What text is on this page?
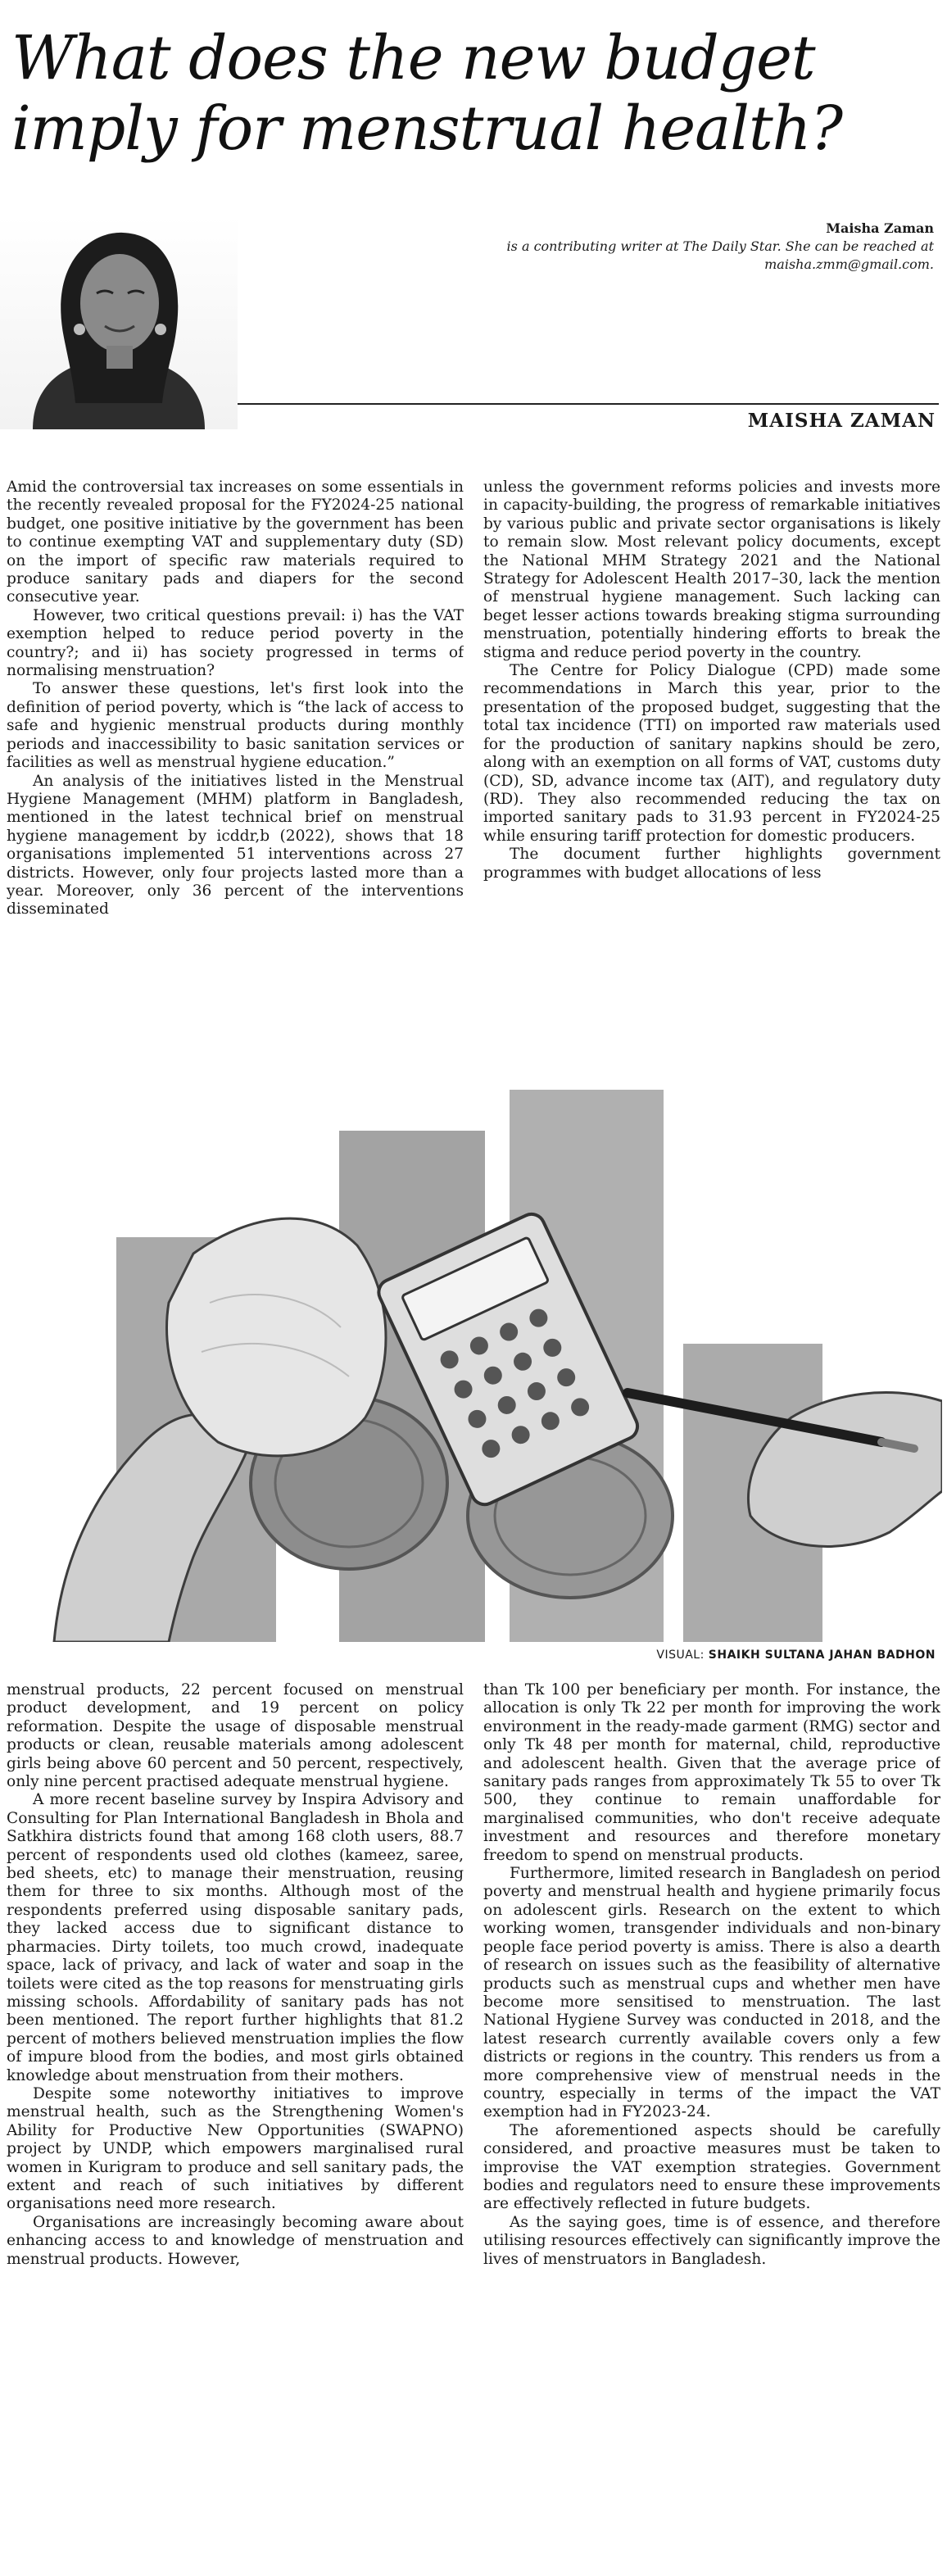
What does the new budget imply for menstrual health?
Maisha Zaman
is a contributing writer at The Daily Star. She can be reached at maisha.zmm@gmail.com.
MAISHA ZAMAN

Amid the controversial tax increases on some essentials in the recently revealed proposal for the FY2024-25 national budget, one positive initiative by the government has been to continue exempting VAT and supplementary duty (SD) on the import of specific raw materials required to produce sanitary pads and diapers for the second consecutive year.

However, two critical questions prevail: i) has the VAT exemption helped to reduce period poverty in the country?; and ii) has society progressed in terms of normalising menstruation?

To answer these questions, let's first look into the definition of period poverty, which is “the lack of access to safe and hygienic menstrual products during monthly periods and inaccessibility to basic sanitation services or facilities as well as menstrual hygiene education.”

An analysis of the initiatives listed in the Menstrual Hygiene Management (MHM) platform in Bangladesh, mentioned in the latest technical brief on menstrual hygiene management by icddr,b (2022), shows that 18 organisations implemented 51 interventions across 27 districts. However, only four projects lasted more than a year. Moreover, only 36 percent of the interventions disseminated

unless the government reforms policies and invests more in capacity-building, the progress of remarkable initiatives by various public and private sector organisations is likely to remain slow. Most relevant policy documents, except the National MHM Strategy 2021 and the National Strategy for Adolescent Health 2017–30, lack the mention of menstrual hygiene management. Such lacking can beget lesser actions towards breaking stigma surrounding menstruation, potentially hindering efforts to break the stigma and reduce period poverty in the country.

The Centre for Policy Dialogue (CPD) made some recommendations in March this year, prior to the presentation of the proposed budget, suggesting that the total tax incidence (TTI) on imported raw materials used for the production of sanitary napkins should be zero, along with an exemption on all forms of VAT, customs duty (CD), SD, advance income tax (AIT), and regulatory duty (RD). They also recommended reducing the tax on imported sanitary pads to 31.93 percent in FY2024-25 while ensuring tariff protection for domestic producers.

The document further highlights government programmes with budget allocations of less

VISUAL: SHAIKH SULTANA JAHAN BADHON

menstrual products, 22 percent focused on menstrual product development, and 19 percent on policy reformation. Despite the usage of disposable menstrual products or clean, reusable materials among adolescent girls being above 60 percent and 50 percent, respectively, only nine percent practised adequate menstrual hygiene.

A more recent baseline survey by Inspira Advisory and Consulting for Plan International Bangladesh in Bhola and Satkhira districts found that among 168 cloth users, 88.7 percent of respondents used old clothes (kameez, saree, bed sheets, etc) to manage their menstruation, reusing them for three to six months. Although most of the respondents preferred using disposable sanitary pads, they lacked access due to significant distance to pharmacies. Dirty toilets, too much crowd, inadequate space, lack of privacy, and lack of water and soap in the toilets were cited as the top reasons for menstruating girls missing schools. Affordability of sanitary pads has not been mentioned. The report further highlights that 81.2 percent of mothers believed menstruation implies the flow of impure blood from the bodies, and most girls obtained knowledge about menstruation from their mothers.

Despite some noteworthy initiatives to improve menstrual health, such as the Strengthening Women's Ability for Productive New Opportunities (SWAPNO) project by UNDP, which empowers marginalised rural women in Kurigram to produce and sell sanitary pads, the extent and reach of such initiatives by different organisations need more research.

Organisations are increasingly becoming aware about enhancing access to and knowledge of menstruation and menstrual products. However,

than Tk 100 per beneficiary per month. For instance, the allocation is only Tk 22 per month for improving the work environment in the ready-made garment (RMG) sector and only Tk 48 per month for maternal, child, reproductive and adolescent health. Given that the average price of sanitary pads ranges from approximately Tk 55 to over Tk 500, they continue to remain unaffordable for marginalised communities, who don't receive adequate investment and resources and therefore monetary freedom to spend on menstrual products.

Furthermore, limited research in Bangladesh on period poverty and menstrual health and hygiene primarily focus on adolescent girls. Research on the extent to which working women, transgender individuals and non-binary people face period poverty is amiss. There is also a dearth of research on issues such as the feasibility of alternative products such as menstrual cups and whether men have become more sensitised to menstruation. The last National Hygiene Survey was conducted in 2018, and the latest research currently available covers only a few districts or regions in the country. This renders us from a more comprehensive view of menstrual needs in the country, especially in terms of the impact the VAT exemption had in FY2023-24.

The aforementioned aspects should be carefully considered, and proactive measures must be taken to improvise the VAT exemption strategies. Government bodies and regulators need to ensure these improvements are effectively reflected in future budgets.

As the saying goes, time is of essence, and therefore utilising resources effectively can significantly improve the lives of menstruators in Bangladesh.
